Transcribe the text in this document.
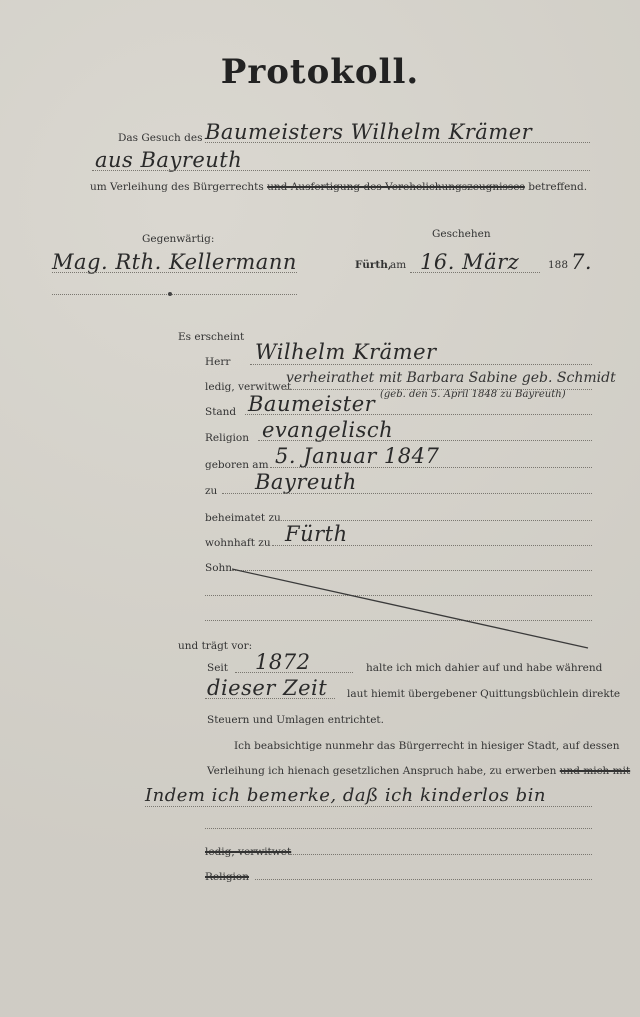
Protokoll.
Das Gesuch des Baumeisters Wilhelm Krämer
aus Bayreuth
um Verleihung des Bürgerrechts und Ausfertigung des Verehelichungszeugnisses betreffend.
Gegenwärtig:	Geschehen
Mag. Rth. Kellermann	Fürth,
am 16. März	188 7.
Es erscheint
Herr Wilhelm Krämer
ledig, verwitwet
verheirathet mit Barbara Sabine geb. Schmidt
(geb. den 5. April 1848 zu Bayreuth)
Stand Baumeister
Religion evangelisch
geboren am 5. Januar 1847
zu Bayreuth
beheimatet zu
wohnhaft zu Fürth
Sohn
und trägt vor:
Seit 1872	halte ich mich dahier auf und habe während
dieser Zeit laut hiemit übergebener Quittungsbüchlein direkte
Steuern und Umlagen entrichtet.
Ich beabsichtige nunmehr das Bürgerrecht in hiesiger Stadt, auf dessen
Verleihung ich hienach gesetzlichen Anspruch habe, zu erwerben und mich mit
Indem ich bemerke, daß ich kinderlos bin
ledig, verwitwet
Religion
